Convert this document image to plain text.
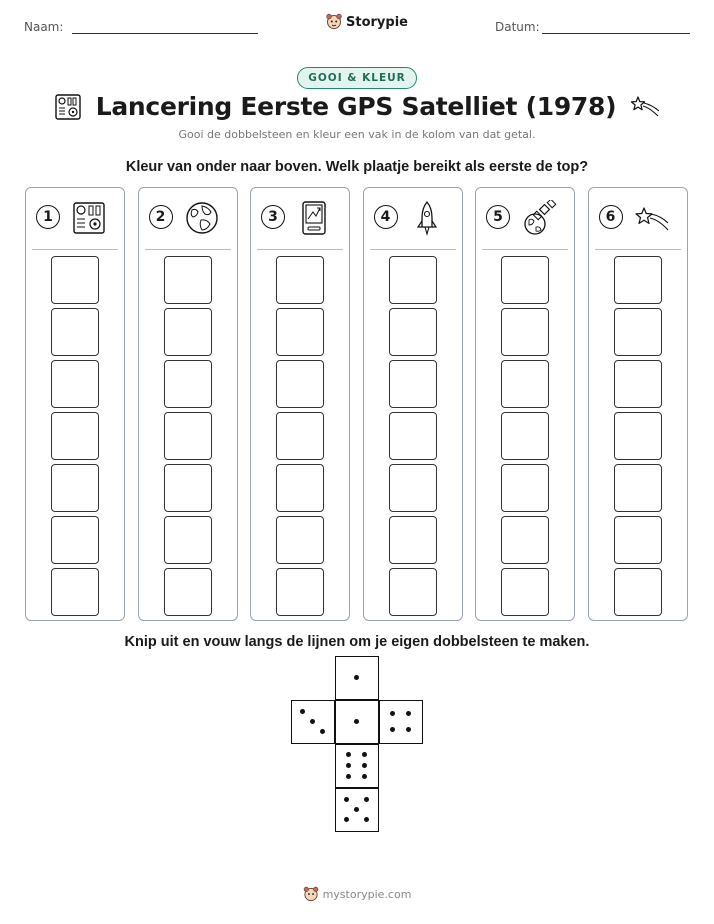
Naam:	Storypie	Datum:
GOOI & KLEUR
Lancering Eerste GPS Satelliet (1978)
Gooi de dobbelsteen en kleur een vak in de kolom van dat getal.
Kleur van onder naar boven. Welk plaatje bereikt als eerste de top?
1	2	3	4	5	6
Knip uit en vouw langs de lijnen om je eigen dobbelsteen te maken.
mystorypie.com
